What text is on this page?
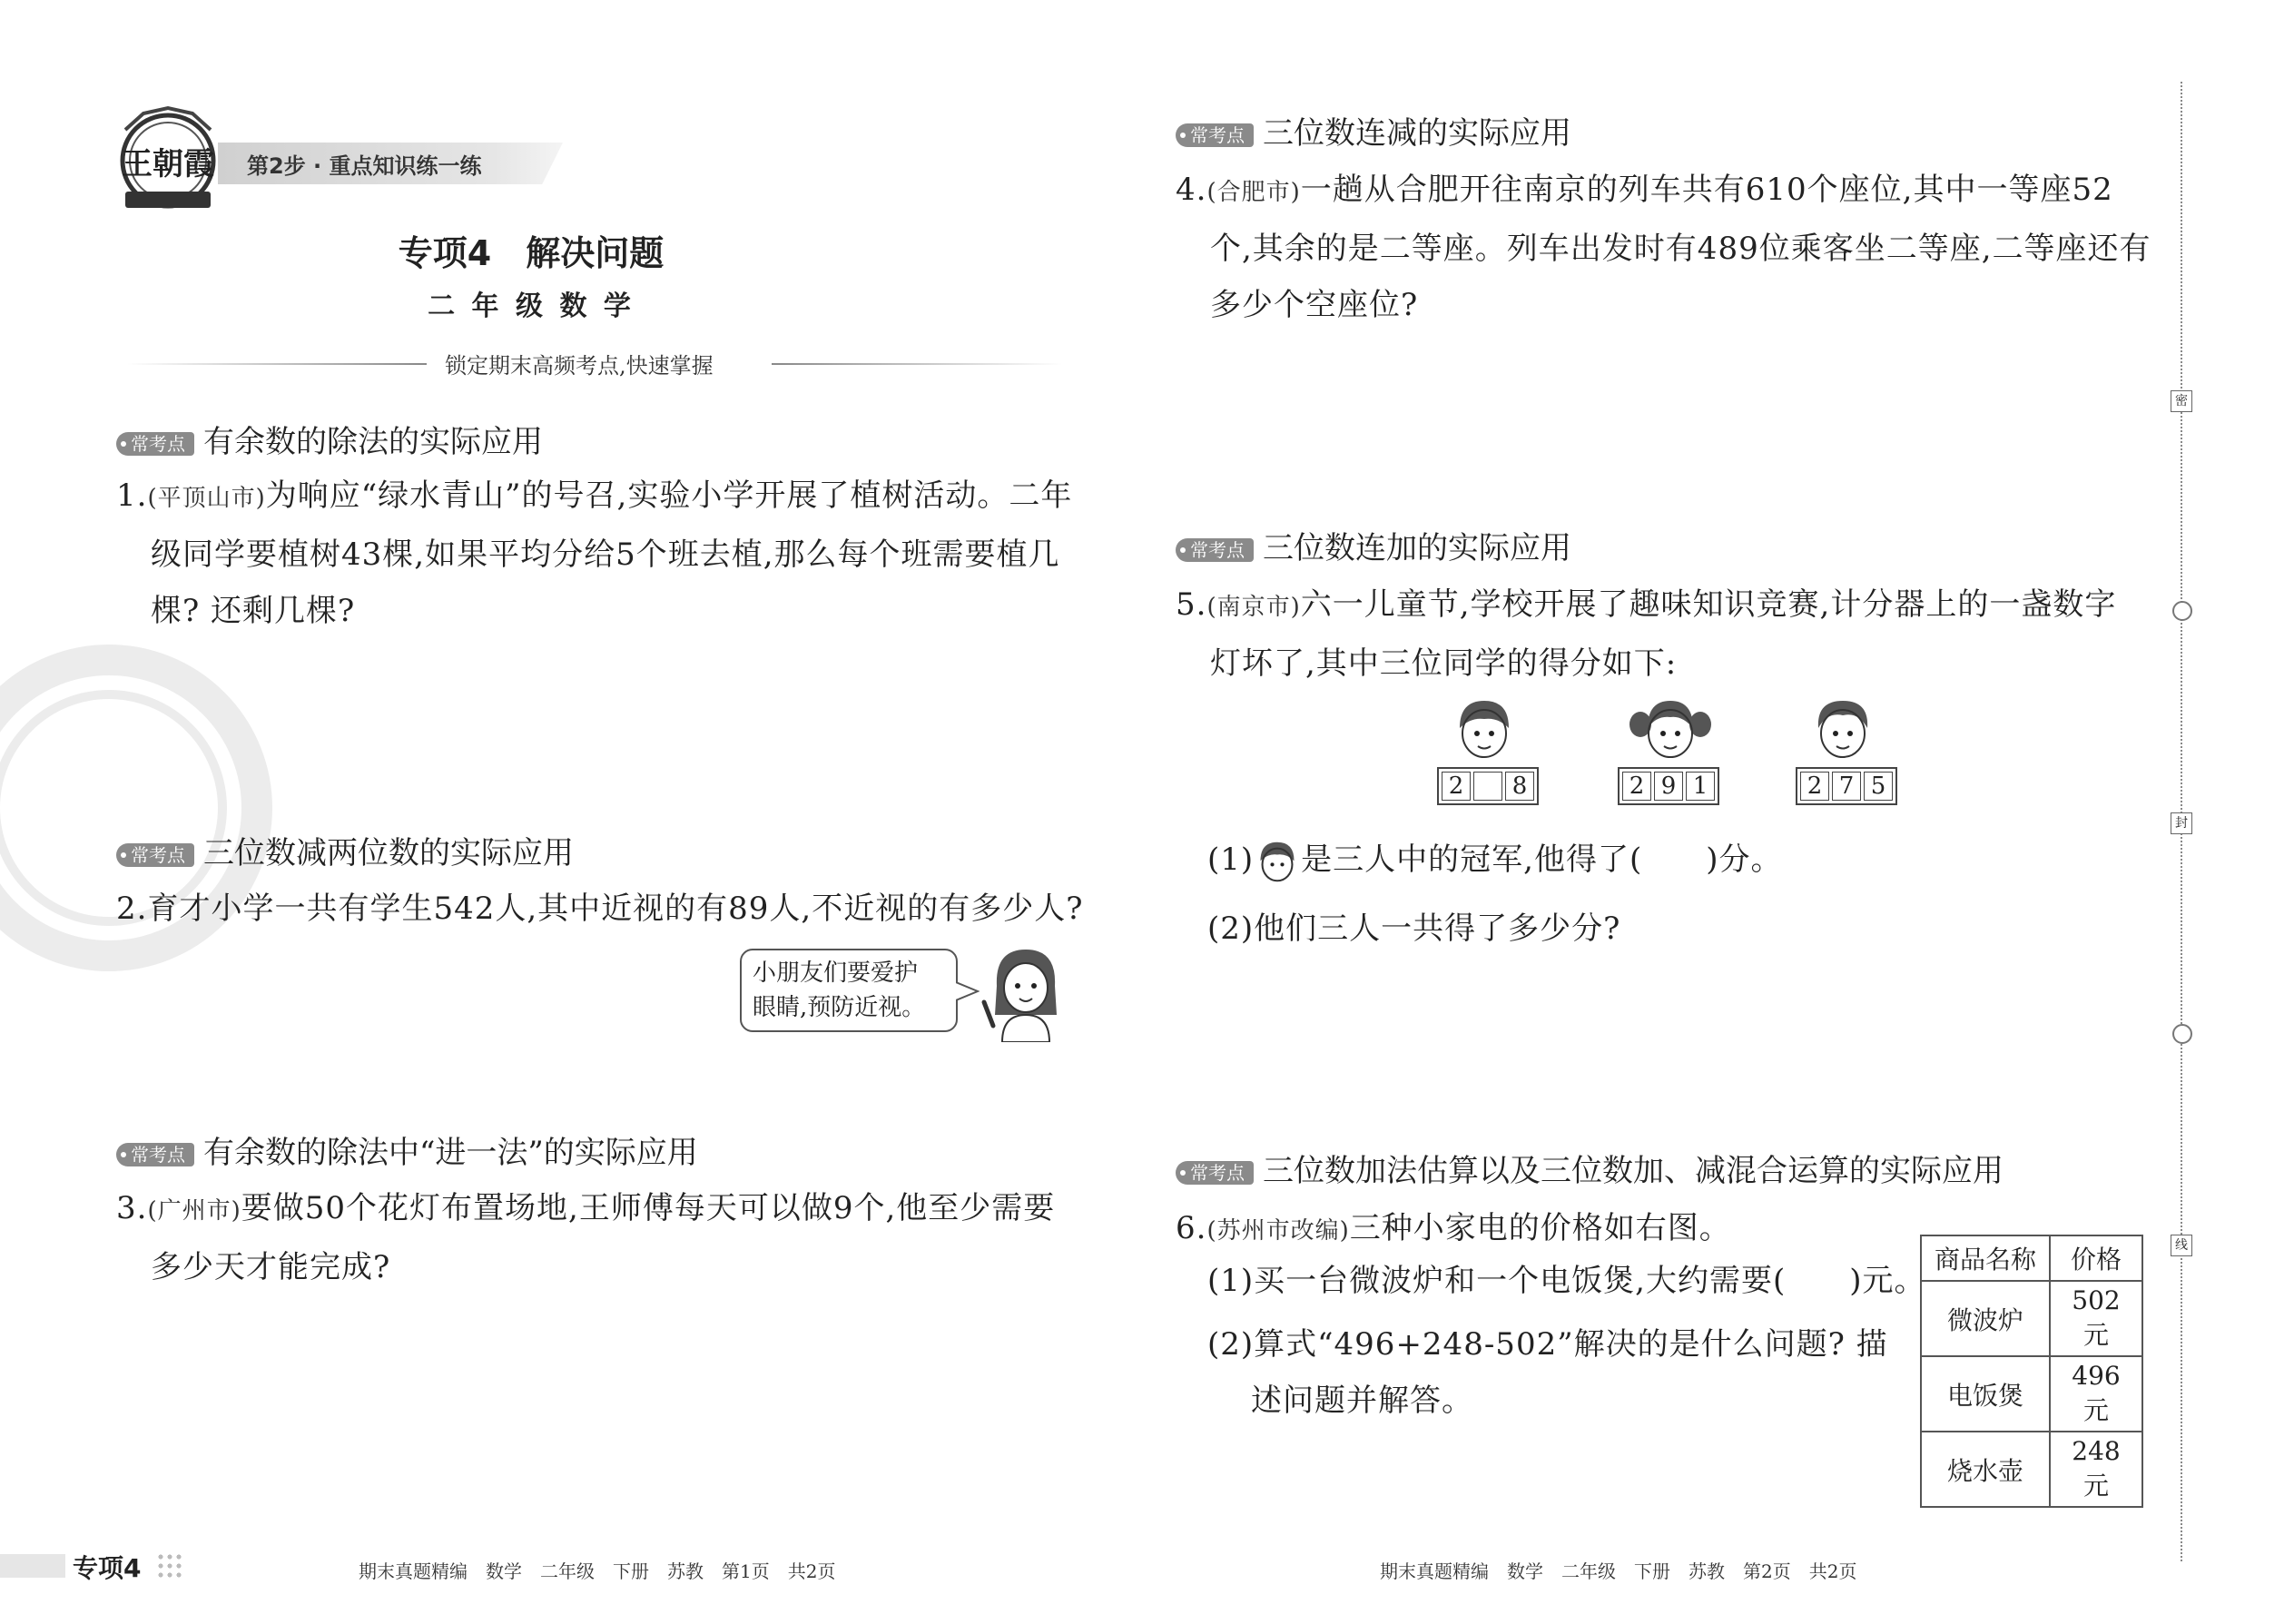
王朝霞	第2步 · 重点知识练一练
专项4　解决问题
二 年 级 数 学
锁定期末高频考点,快速掌握
常考点 有余数的除法的实际应用
1.(平顶山市)为响应“绿水青山”的号召,实验小学开展了植树活动。二年
级同学要植树43棵,如果平均分给5个班去植,那么每个班需要植几
棵? 还剩几棵?
常考点 三位数减两位数的实际应用
2.育才小学一共有学生542人,其中近视的有89人,不近视的有多少人?
小朋友们要爱护
眼睛,预防近视。
常考点 有余数的除法中“进一法”的实际应用
3.(广州市)要做50个花灯布置场地,王师傅每天可以做9个,他至少需要
多少天才能完成?
常考点 三位数连减的实际应用
4.(合肥市)一趟从合肥开往南京的列车共有610个座位,其中一等座52
个,其余的是二等座。列车出发时有489位乘客坐二等座,二等座还有
多少个空座位?
常考点 三位数连加的实际应用
5.(南京市)六一儿童节,学校开展了趣味知识竞赛,计分器上的一盏数字
灯坏了,其中三位同学的得分如下:
2 8	2 9 1	2 7 5
(1) 是三人中的冠军,他得了(　　)分。
(2)他们三人一共得了多少分?
常考点 三位数加法估算以及三位数加、减混合运算的实际应用
6.(苏州市改编)三种小家电的价格如右图。
(1)买一台微波炉和一个电饭煲,大约需要(　　)元。
(2)算式“496+248-502”解决的是什么问题? 描
述问题并解答。
商品名称	价格
微波炉	502元
电饭煲	496元
烧水壶	248元
密
封
线
专项4	期末真题精编　数学　二年级　下册　苏教　第1页　共2页	期末真题精编　数学　二年级　下册　苏教　第2页　共2页
